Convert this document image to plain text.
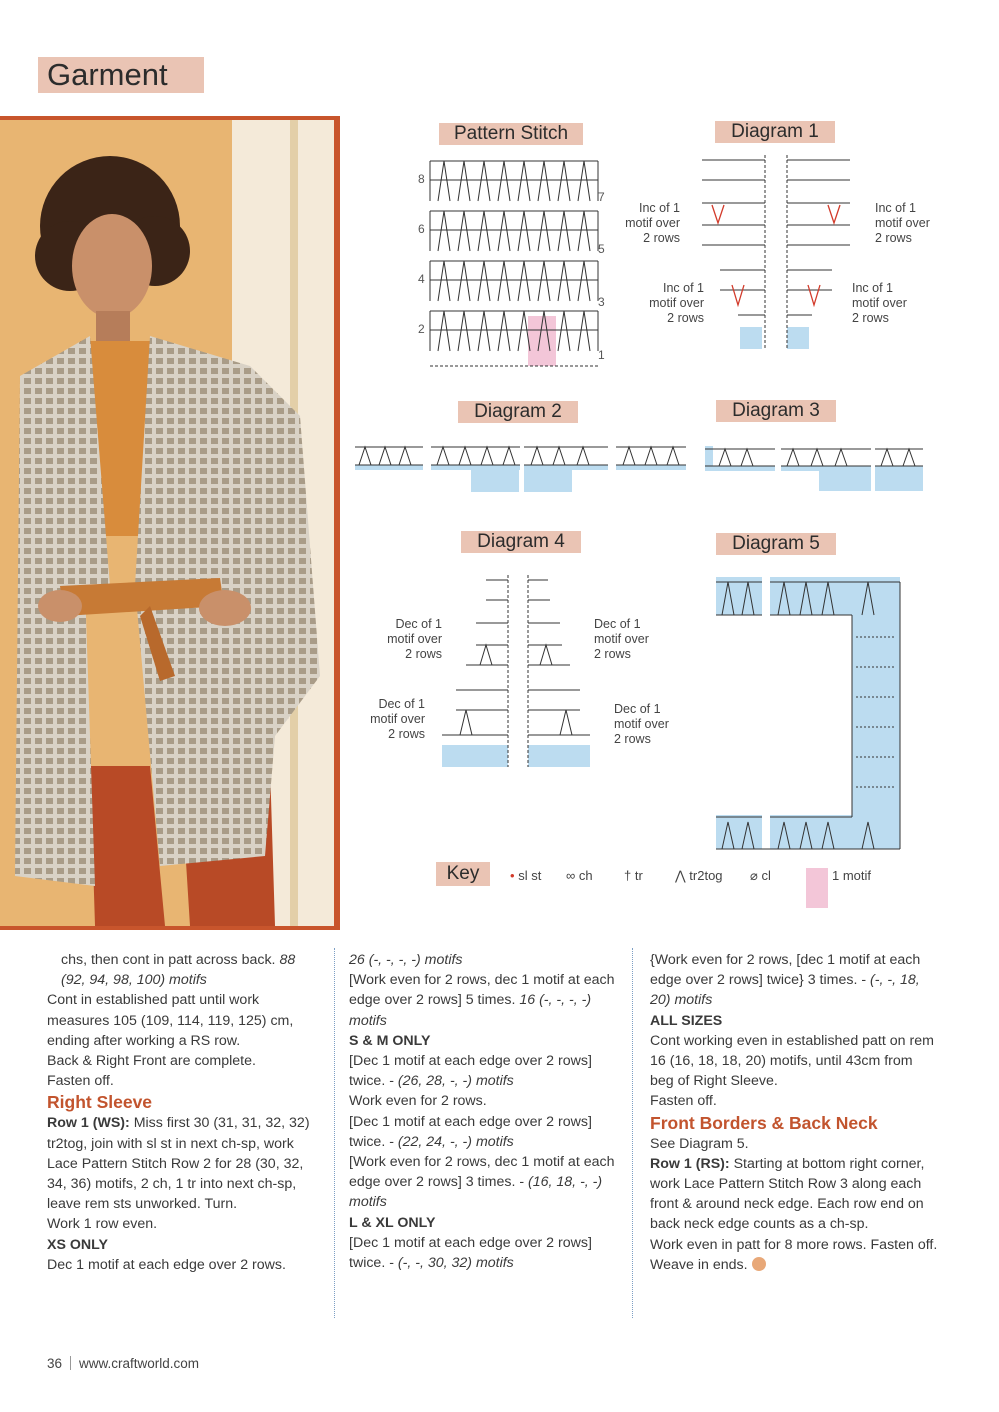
Garment
Pattern Stitch	Diagram 1
Diagram 2	Diagram 3
Diagram 4	Diagram 5
8
7
6
5
4
3
2
1
Inc of 1
motif over
2 rows
Inc of 1
motif over
2 rows
Inc of 1
motif over
2 rows
Inc of 1
motif over
2 rows
Dec of 1
motif over
2 rows
Dec of 1
motif over
2 rows
Dec of 1
motif over
2 rows
Dec of 1
motif over
2 rows
Key	• sl st ∞ ch † tr ⋀ tr2tog ⌀ cl	1 motif

chs, then cont in patt across back. 88 (92, 94, 98, 100) motifs

Cont in established patt until work measures 105 (109, 114, 119, 125) cm, ending after working a RS row.

Back & Right Front are complete.

Fasten off.

Right Sleeve

Row 1 (WS): Miss first 30 (31, 31, 32, 32) tr2tog, join with sl st in next ch-sp, work Lace Pattern Stitch Row 2 for 28 (30, 32, 34, 36) motifs, 2 ch, 1 tr into next ch-sp, leave rem sts unworked. Turn.

Work 1 row even.

XS ONLY

Dec 1 motif at each edge over 2 rows.

26 (-, -, -, -) motifs

[Work even for 2 rows, dec 1 motif at each edge over 2 rows] 5 times. 16 (-, -, -, -) motifs

S & M ONLY

[Dec 1 motif at each edge over 2 rows] twice. - (26, 28, -, -) motifs

Work even for 2 rows.

[Dec 1 motif at each edge over 2 rows] twice. - (22, 24, -, -) motifs

[Work even for 2 rows, dec 1 motif at each edge over 2 rows] 3 times. - (16, 18, -, -) motifs

L & XL ONLY

[Dec 1 motif at each edge over 2 rows] twice. - (-, -, 30, 32) motifs

{Work even for 2 rows, [dec 1 motif at each edge over 2 rows] twice} 3 times. - (-, -, 18, 20) motifs

ALL SIZES

Cont working even in established patt on rem 16 (16, 18, 18, 20) motifs, until 43cm from beg of Right Sleeve.

Fasten off.

Front Borders & Back Neck

See Diagram 5.

Row 1 (RS): Starting at bottom right corner, work Lace Pattern Stitch Row 3 along each front & around neck edge. Each row end on back neck edge counts as a ch-sp.

Work even in patt for 8 more rows. Fasten off. Weave in ends.

36 www.craftworld.com
